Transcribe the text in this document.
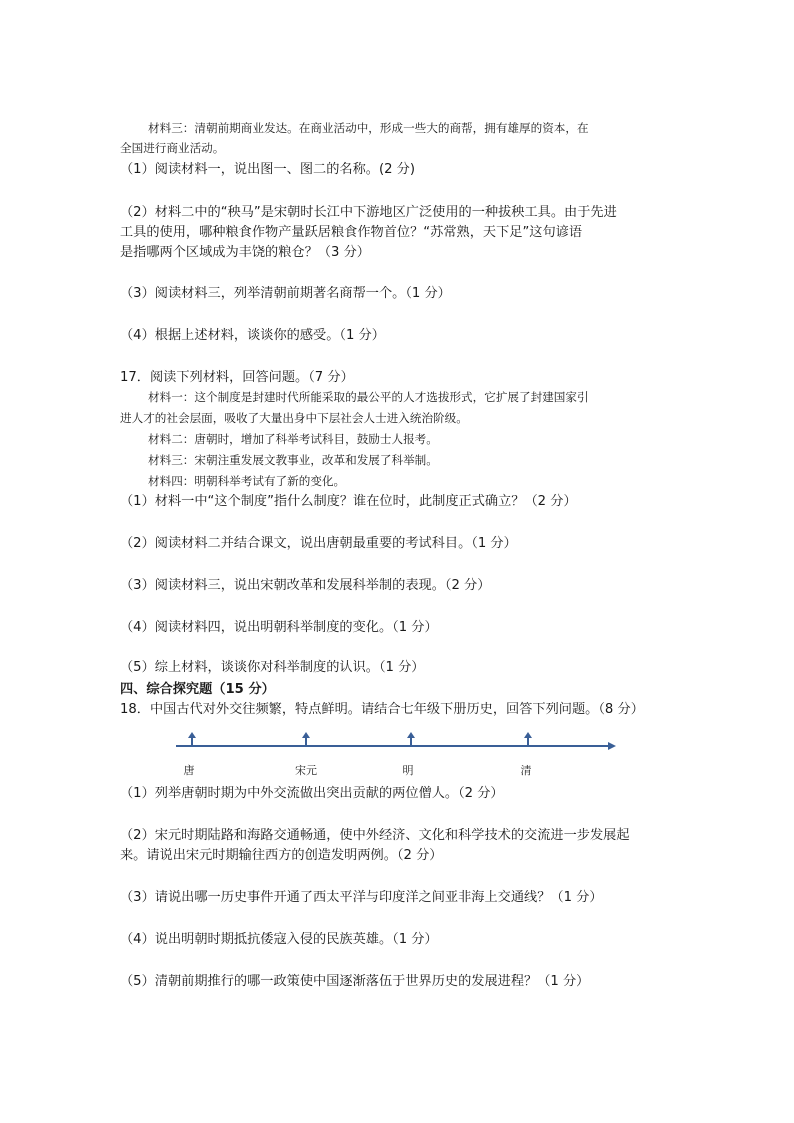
材料三：清朝前期商业发达。在商业活动中，形成一些大的商帮，拥有雄厚的资本，在
全国进行商业活动。
（1）阅读材料一，说出图一、图二的名称。(2 分)
（2）材料二中的“秧马”是宋朝时长江中下游地区广泛使用的一种拔秧工具。由于先进
工具的使用，哪种粮食作物产量跃居粮食作物首位？“苏常熟，天下足”这句谚语
是指哪两个区域成为丰饶的粮仓？（3 分）
（3）阅读材料三，列举清朝前期著名商帮一个。（1 分）
（4）根据上述材料，谈谈你的感受。（1 分）
17．阅读下列材料，回答问题。（7 分）
材料一：这个制度是封建时代所能采取的最公平的人才选拔形式，它扩展了封建国家引
进人才的社会层面，吸收了大量出身中下层社会人士进入统治阶级。
材料二：唐朝时，增加了科举考试科目，鼓励士人报考。
材料三：宋朝注重发展文教事业，改革和发展了科举制。
材料四：明朝科举考试有了新的变化。
（1）材料一中“这个制度”指什么制度？谁在位时，此制度正式确立？（2 分）
（2）阅读材料二并结合课文，说出唐朝最重要的考试科目。（1 分）
（3）阅读材料三，说出宋朝改革和发展科举制的表现。（2 分）
（4）阅读材料四，说出明朝科举制度的变化。（1 分）
（5）综上材料，谈谈你对科举制度的认识。（1 分）
四、综合探究题（15 分）
18．中国古代对外交往频繁，特点鲜明。请结合七年级下册历史，回答下列问题。（8 分）
唐	宋元	明	清
（1）列举唐朝时期为中外交流做出突出贡献的两位僧人。（2 分）
（2）宋元时期陆路和海路交通畅通，使中外经济、文化和科学技术的交流进一步发展起
来。请说出宋元时期输往西方的创造发明两例。（2 分）
（3）请说出哪一历史事件开通了西太平洋与印度洋之间亚非海上交通线？（1 分）
（4）说出明朝时期抵抗倭寇入侵的民族英雄。（1 分）
（5）清朝前期推行的哪一政策使中国逐渐落伍于世界历史的发展进程？（1 分）
